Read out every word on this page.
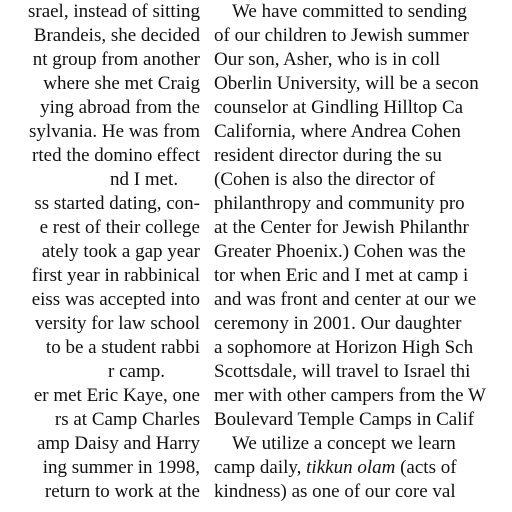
srael, instead of sitting
Brandeis, she decided
nt group from another
where she met Craig
ying abroad from the
sylvania. He was from
rted the domino effect
nd I met.
ss started dating, con-
e rest of their college
ately took a gap year
first year in rabbinical
eiss was accepted into
versity for law school
to be a student rabbi
r camp.
er met Eric Kaye, one
rs at Camp Charles
amp Daisy and Harry
ing summer in 1998,
return to work at the
We have committed to sending
of our children to Jewish summer
Our son, Asher, who is in coll
Oberlin University, will be a secon
counselor at Gindling Hilltop Ca
California, where Andrea Cohen
resident director during the su
(Cohen is also the director of
philanthropy and community pro
at the Center for Jewish Philanthr
Greater Phoenix.) Cohen was the
tor when Eric and I met at camp i
and was front and center at our we
ceremony in 2001. Our daughter
a sophomore at Horizon High Sch
Scottsdale, will travel to Israel thi
mer with other campers from the W
Boulevard Temple Camps in Calif
We utilize a concept we learn
camp daily, tikkun olam (acts of
kindness) as one of our core val
